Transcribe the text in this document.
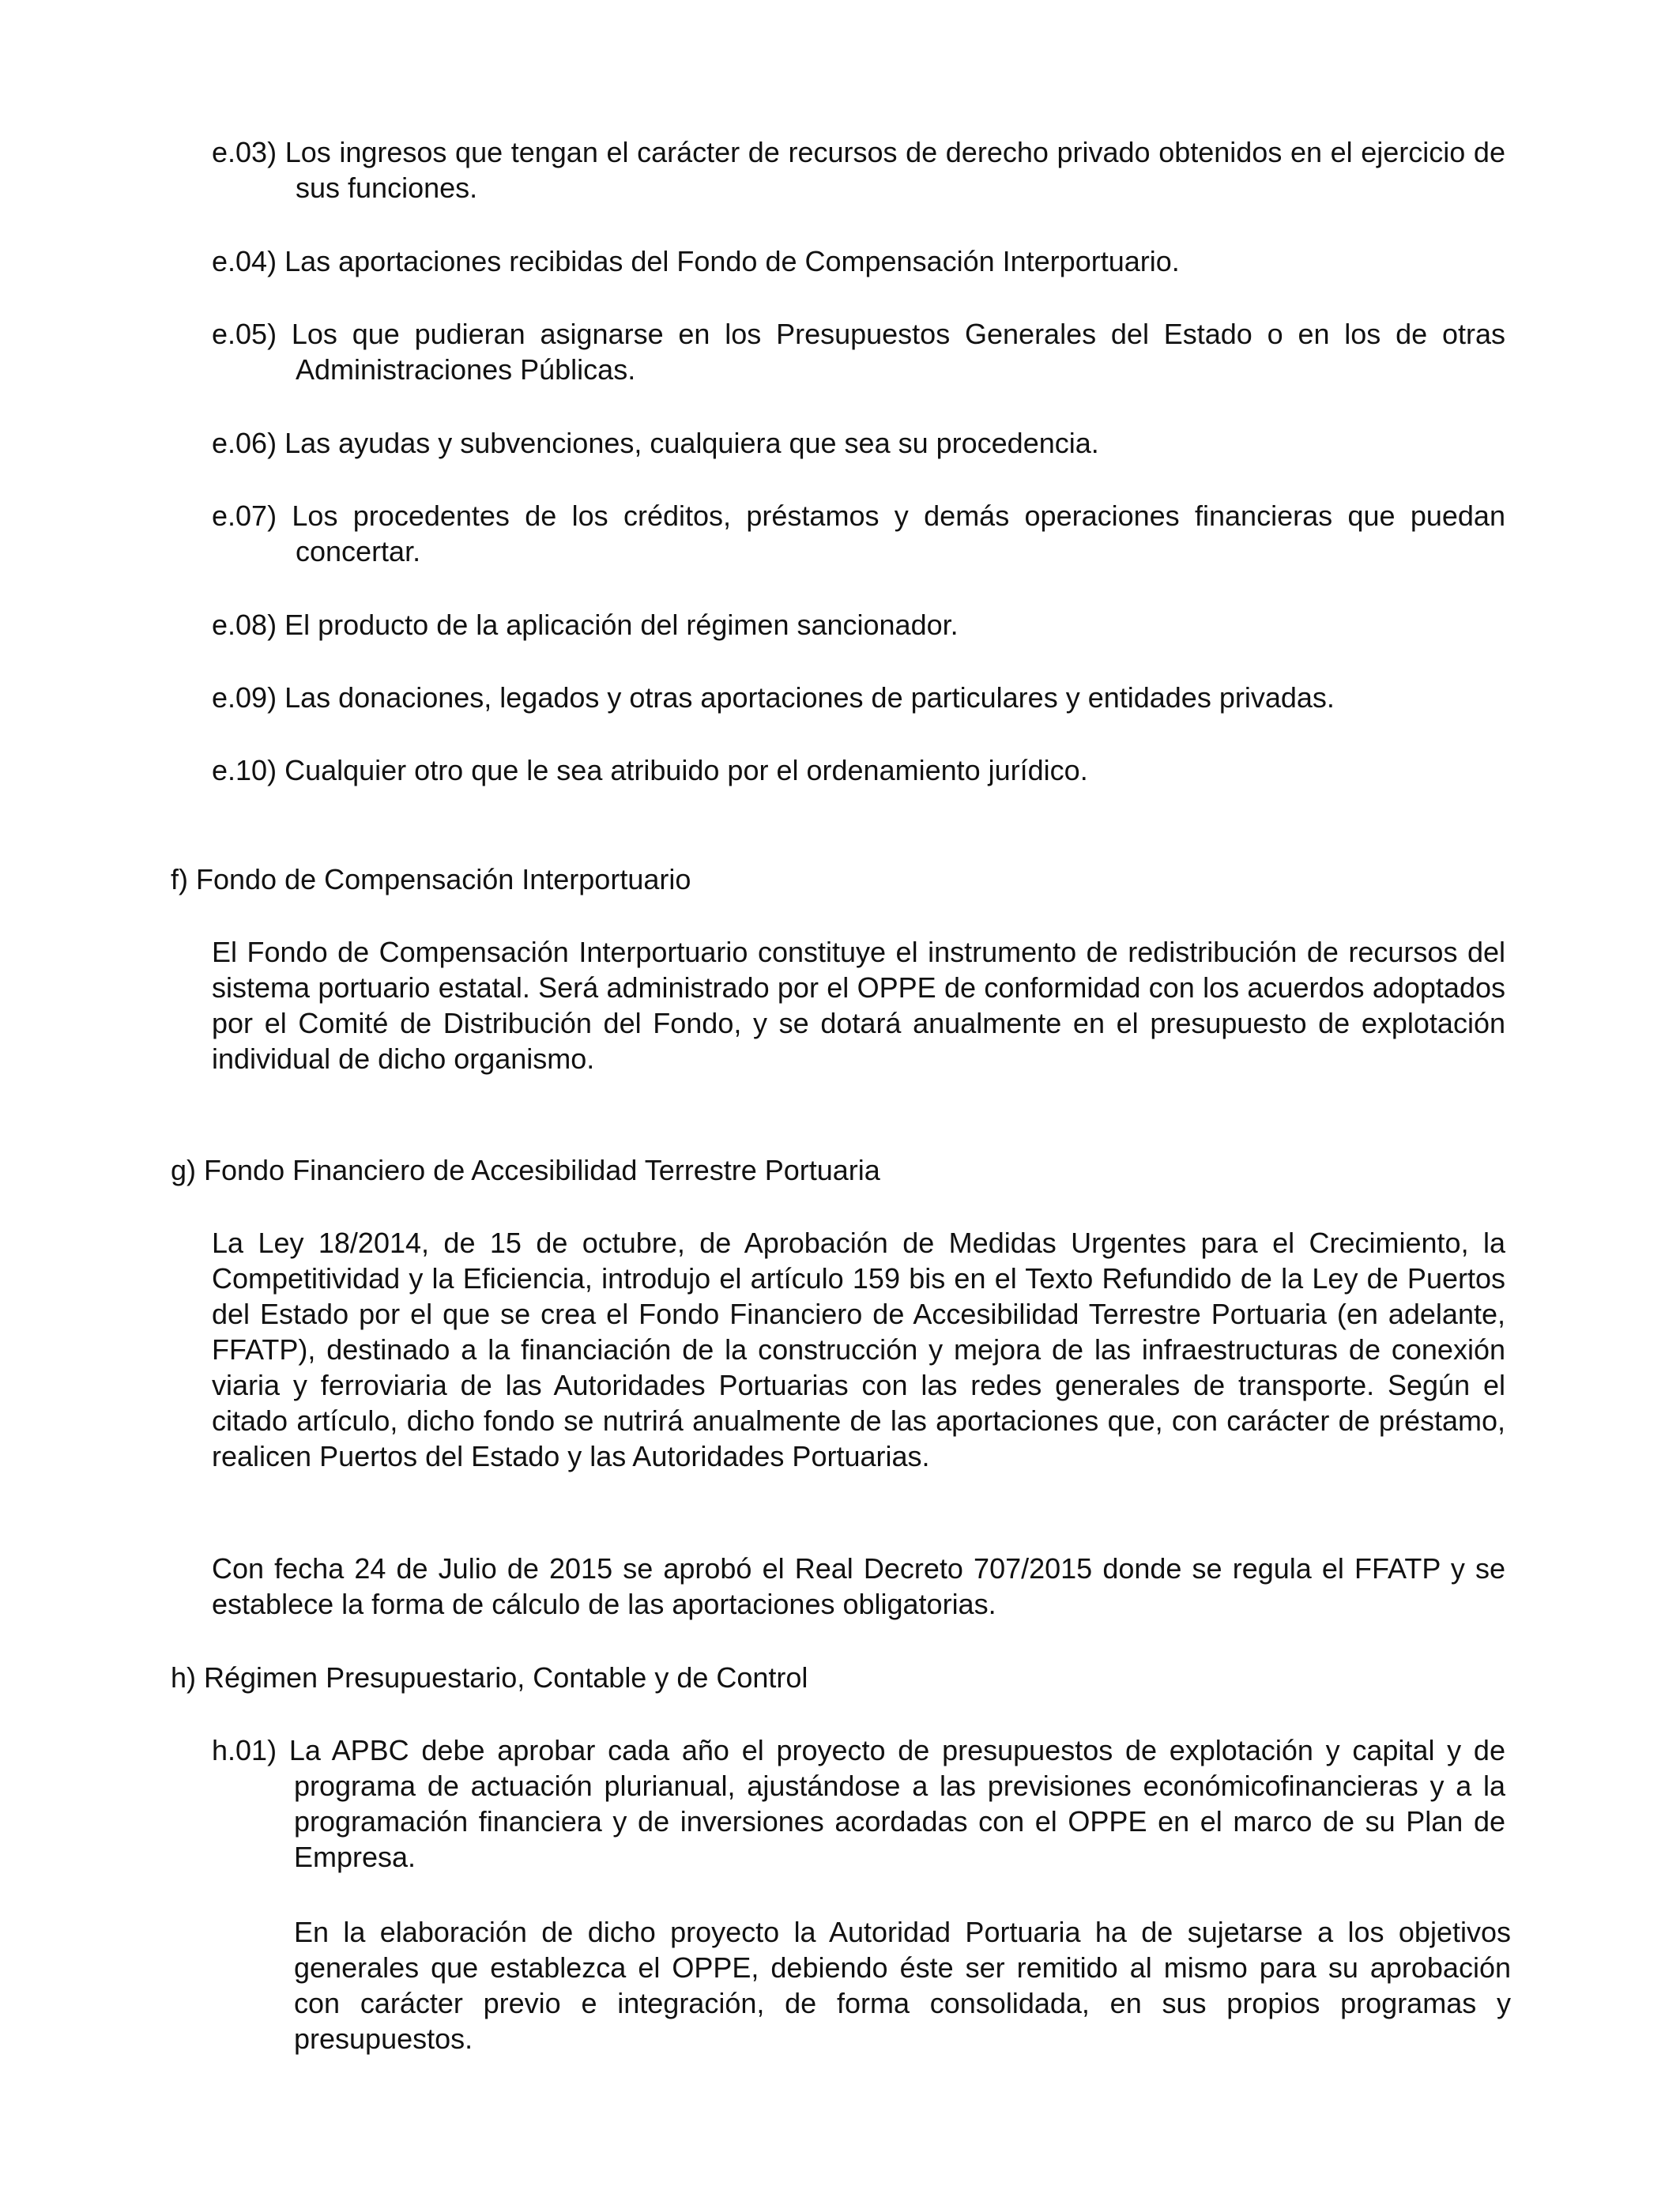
e.03) Los ingresos que tengan el carácter de recursos de derecho privado obtenidos en el ejercicio de sus funciones.

e.04) Las aportaciones recibidas del Fondo de Compensación Interportuario.

e.05) Los que pudieran asignarse en los Presupuestos Generales del Estado o en los de otras Administraciones Públicas.

e.06) Las ayudas y subvenciones, cualquiera que sea su procedencia.

e.07) Los procedentes de los créditos, préstamos y demás operaciones financieras que puedan concertar.

e.08) El producto de la aplicación del régimen sancionador.

e.09) Las donaciones, legados y otras aportaciones de particulares y entidades privadas.

e.10) Cualquier otro que le sea atribuido por el ordenamiento jurídico.

f) Fondo de Compensación Interportuario

El Fondo de Compensación Interportuario constituye el instrumento de redistribución de recursos del sistema portuario estatal. Será administrado por el OPPE de conformidad con los acuerdos adoptados por el Comité de Distribución del Fondo, y se dotará anualmente en el presupuesto de explotación individual de dicho organismo.

g) Fondo Financiero de Accesibilidad Terrestre Portuaria

La Ley 18/2014, de 15 de octubre, de Aprobación de Medidas Urgentes para el Crecimiento, la Competitividad y la Eficiencia, introdujo el artículo 159 bis en el Texto Refundido de la Ley de Puertos del Estado por el que se crea el Fondo Financiero de Accesibilidad Terrestre Portuaria (en adelante, FFATP), destinado a la financiación de la construcción y mejora de las infraestructuras de conexión viaria y ferroviaria de las Autoridades Portuarias con las redes generales de transporte. Según el citado artículo, dicho fondo se nutrirá anualmente de las aportaciones que, con carácter de préstamo, realicen Puertos del Estado y las Autoridades Portuarias.

Con fecha 24 de Julio de 2015 se aprobó el Real Decreto 707/2015 donde se regula el FFATP y se establece la forma de cálculo de las aportaciones obligatorias.

h) Régimen Presupuestario, Contable y de Control

h.01) La APBC debe aprobar cada año el proyecto de presupuestos de explotación y capital y de programa de actuación plurianual, ajustándose a las previsiones económicofinancieras y a la programación financiera y de inversiones acordadas con el OPPE en el marco de su Plan de Empresa.

En la elaboración de dicho proyecto la Autoridad Portuaria ha de sujetarse a los objetivos generales que establezca el OPPE, debiendo éste ser remitido al mismo para su aprobación con carácter previo e integración, de forma consolidada, en sus propios programas y presupuestos.
